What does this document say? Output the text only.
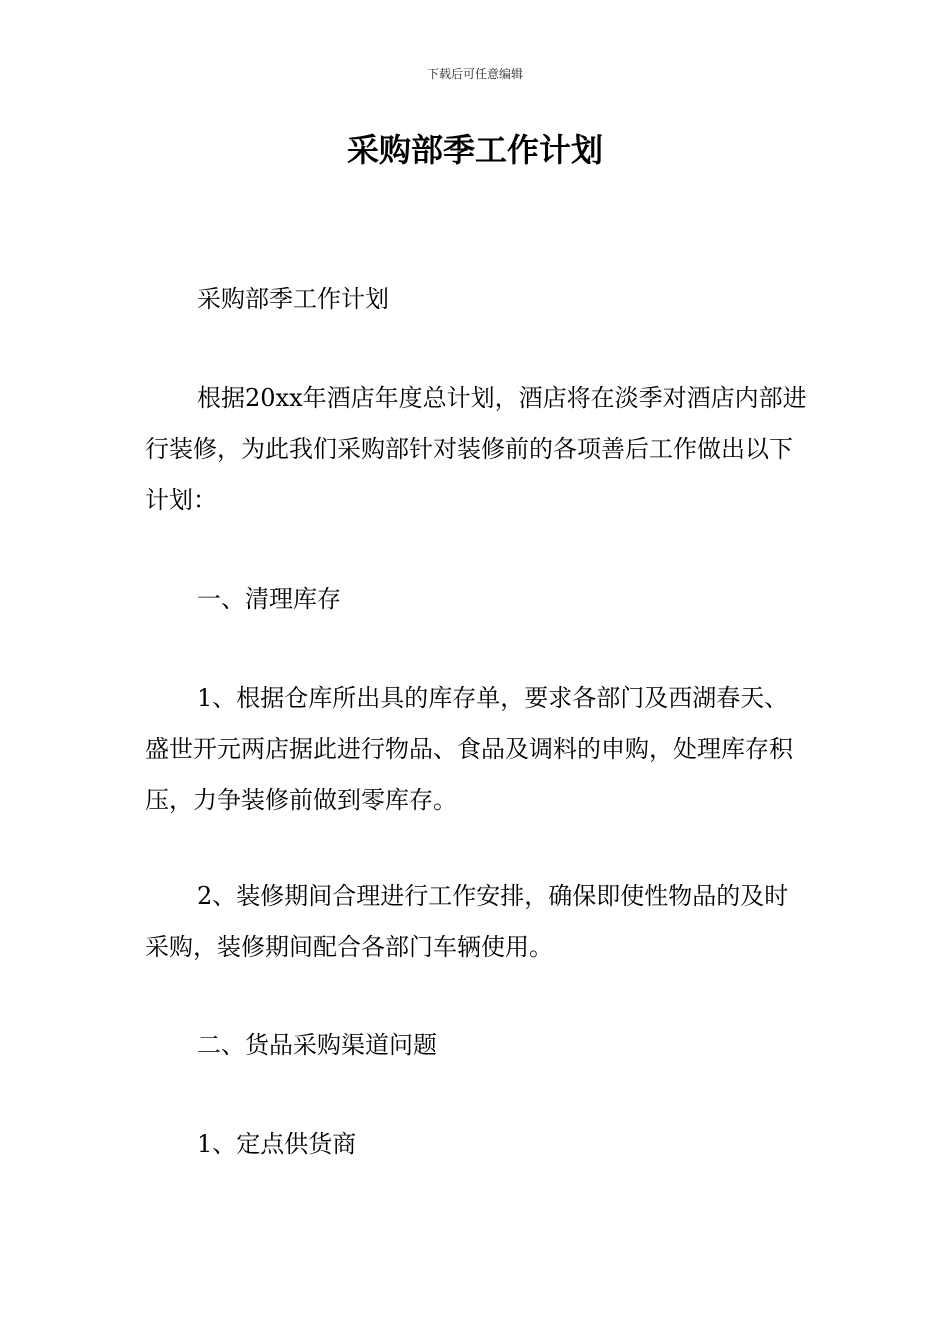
下载后可任意编辑
采购部季工作计划

采购部季工作计划

根据20xx年酒店年度总计划，酒店将在淡季对酒店内部进行装修，为此我们采购部针对装修前的各项善后工作做出以下计划：

一、清理库存

1、根据仓库所出具的库存单，要求各部门及西湖春天、盛世开元两店据此进行物品、食品及调料的申购，处理库存积压，力争装修前做到零库存。

2、装修期间合理进行工作安排，确保即使性物品的及时采购，装修期间配合各部门车辆使用。

二、货品采购渠道问题

1、定点供货商
